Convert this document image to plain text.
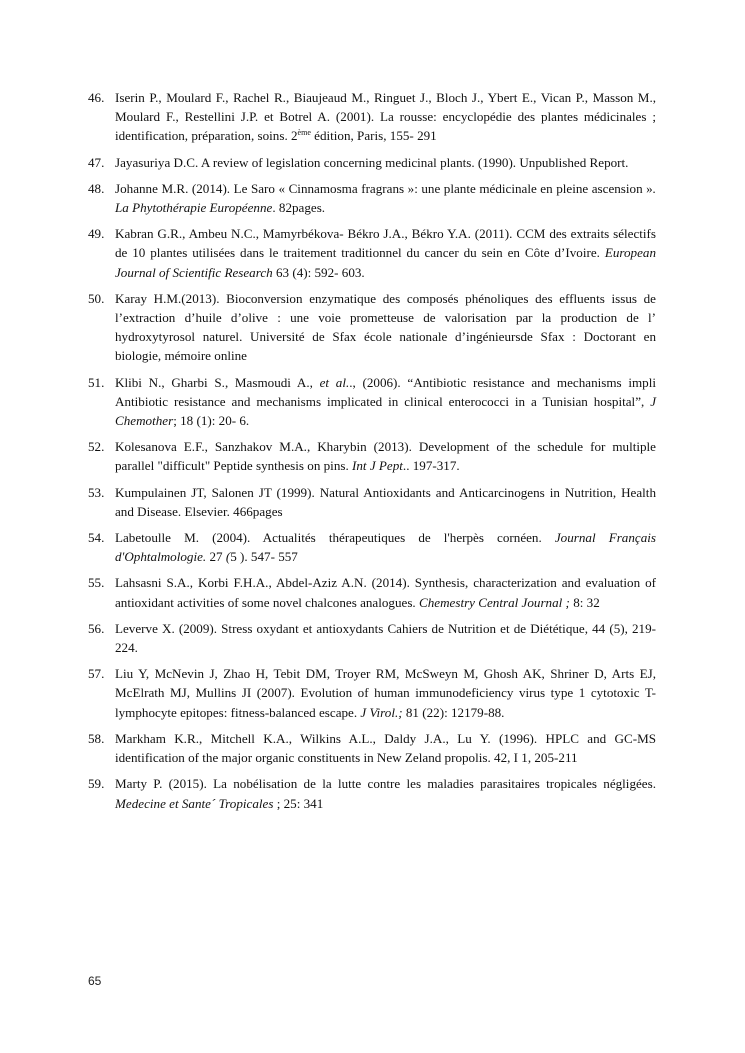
46. Iserin P., Moulard F., Rachel R., Biaujeaud M., Ringuet J., Bloch J., Ybert E., Vican P., Masson M., Moulard F., Restellini J.P. et Botrel A. (2001). La rousse: encyclopédie des plantes médicinales ; identification, préparation, soins. 2ème édition, Paris, 155- 291
47. Jayasuriya D.C. A review of legislation concerning medicinal plants. (1990). Unpublished Report.
48. Johanne M.R. (2014). Le Saro « Cinnamosma fragrans »: une plante médicinale en pleine ascension ». La Phytothérapie Européenne. 82pages.
49. Kabran G.R., Ambeu N.C., Mamyrbékova- Békro J.A., Békro Y.A. (2011). CCM des extraits sélectifs de 10 plantes utilisées dans le traitement traditionnel du cancer du sein en Côte d’Ivoire. European Journal of Scientific Research 63 (4): 592- 603.
50. Karay H.M.(2013). Bioconversion enzymatique des composés phénoliques des effluents issus de l’extraction d’huile d’olive : une voie prometteuse de valorisation par la production de l’ hydroxytyrosol naturel. Université de Sfax école nationale d’ingénieursde Sfax : Doctorant en biologie, mémoire online
51. Klibi N., Gharbi S., Masmoudi A., et al.., (2006). “Antibiotic resistance and mechanisms impli Antibiotic resistance and mechanisms implicated in clinical enterococci in a Tunisian hospital”, J Chemother; 18 (1): 20- 6.
52. Kolesanova E.F., Sanzhakov M.A., Kharybin (2013). Development of the schedule for multiple parallel "difficult" Peptide synthesis on pins. Int J Pept.. 197-317.
53. Kumpulainen JT, Salonen JT (1999). Natural Antioxidants and Anticarcinogens in Nutrition, Health and Disease. Elsevier. 466pages
54. Labetoulle M. (2004). Actualités thérapeutiques de l'herpès cornéen. Journal Français d'Ophtalmologie. 27 (5 ). 547- 557
55. Lahsasni S.A., Korbi F.H.A., Abdel-Aziz A.N. (2014). Synthesis, characterization and evaluation of antioxidant activities of some novel chalcones analogues. Chemestry Central Journal ; 8: 32
56. Leverve X. (2009). Stress oxydant et antioxydants Cahiers de Nutrition et de Diététique, 44 (5), 219- 224.
57. Liu Y, McNevin J, Zhao H, Tebit DM, Troyer RM, McSweyn M, Ghosh AK, Shriner D, Arts EJ, McElrath MJ, Mullins JI (2007). Evolution of human immunodeficiency virus type 1 cytotoxic T- lymphocyte epitopes: fitness-balanced escape. J Virol.; 81 (22): 12179-88.
58. Markham K.R., Mitchell K.A., Wilkins A.L., Daldy J.A., Lu Y. (1996). HPLC and GC-MS identification of the major organic constituents in New Zeland propolis. 42, I 1, 205-211
59. Marty P. (2015). La nobélisation de la lutte contre les maladies parasitaires tropicales négligées. Medecine et Sante´ Tropicales ; 25: 341
65
